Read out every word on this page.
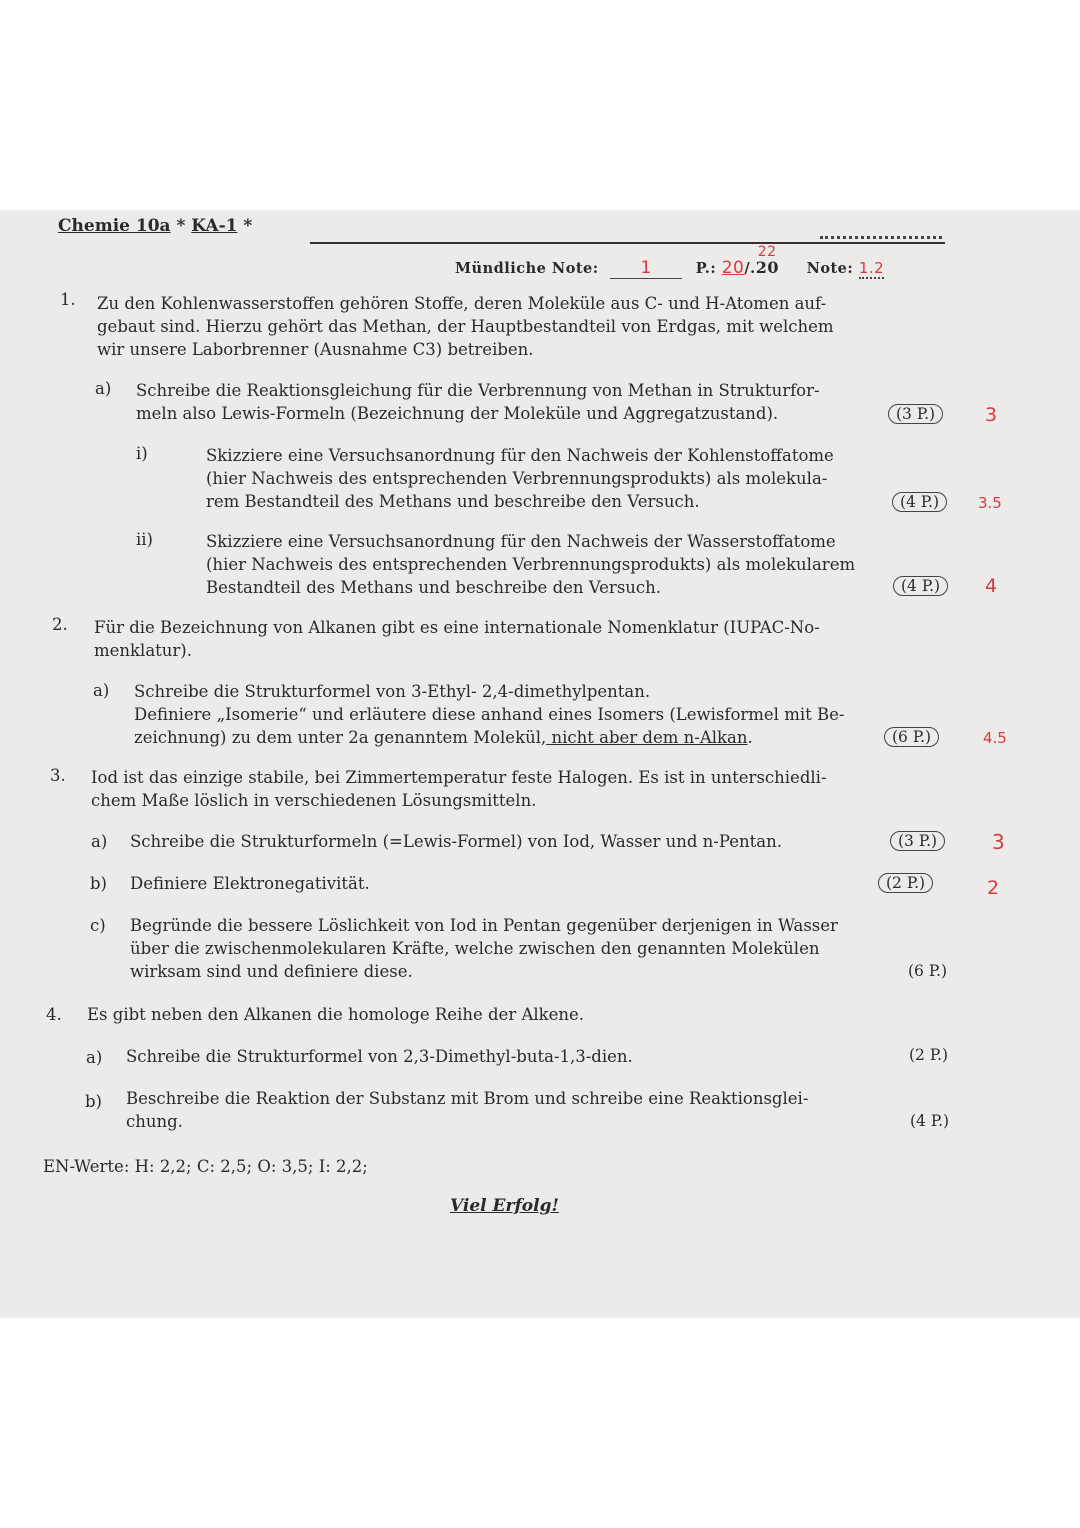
Chemie 10a * KA-1 *
Mündliche Note: 1	P.: 20/.
22
20 Note: 1.2
1. Zu den Kohlenwasserstoffen gehören Stoffe, deren Moleküle aus C- und H-Atomen auf-
gebaut sind. Hierzu gehört das Methan, der Hauptbestandteil von Erdgas, mit welchem
wir unsere Laborbrenner (Ausnahme C3) betreiben.
a) Schreibe die Reaktionsgleichung für die Verbrennung von Methan in Strukturfor-
meln also Lewis-Formeln (Bezeichnung der Moleküle und Aggregatzustand).	(3 P.)	3
i)	Skizziere eine Versuchsanordnung für den Nachweis der Kohlenstoffatome
(hier Nachweis des entsprechenden Verbrennungsprodukts) als molekula-
rem Bestandteil des Methans und beschreibe den Versuch.	(4 P.)	3.5
ii)	Skizziere eine Versuchsanordnung für den Nachweis der Wasserstoffatome
(hier Nachweis des entsprechenden Verbrennungsprodukts) als molekularem
Bestandteil des Methans und beschreibe den Versuch.	(4 P.)	4
2. Für die Bezeichnung von Alkanen gibt es eine internationale Nomenklatur (IUPAC-No-
menklatur).
a) Schreibe die Strukturformel von 3-Ethyl- 2,4-dimethylpentan.
Definiere „Isomerie“ und erläutere diese anhand eines Isomers (Lewisformel mit Be-
zeichnung) zu dem unter 2a genanntem Molekül, nicht aber dem n-Alkan.	(6 P.)	4.5
3. Iod ist das einzige stabile, bei Zimmertemperatur feste Halogen. Es ist in unterschiedli-
chem Maße löslich in verschiedenen Lösungsmitteln.
a) Schreibe die Strukturformeln (=Lewis-Formel) von Iod, Wasser und n-Pentan.	(3 P.)	3
b) Definiere Elektronegativität.	(2 P.)	2
c) Begründe die bessere Löslichkeit von Iod in Pentan gegenüber derjenigen in Wasser
über die zwischenmolekularen Kräfte, welche zwischen den genannten Molekülen
wirksam sind und definiere diese.	(6 P.)
4. Es gibt neben den Alkanen die homologe Reihe der Alkene.
a) Schreibe die Strukturformel von 2,3-Dimethyl-buta-1,3-dien.	(2 P.)
b) Beschreibe die Reaktion der Substanz mit Brom und schreibe eine Reaktionsglei-
chung.	(4 P.)
EN-Werte: H: 2,2; C: 2,5; O: 3,5; I: 2,2;
Viel Erfolg!
